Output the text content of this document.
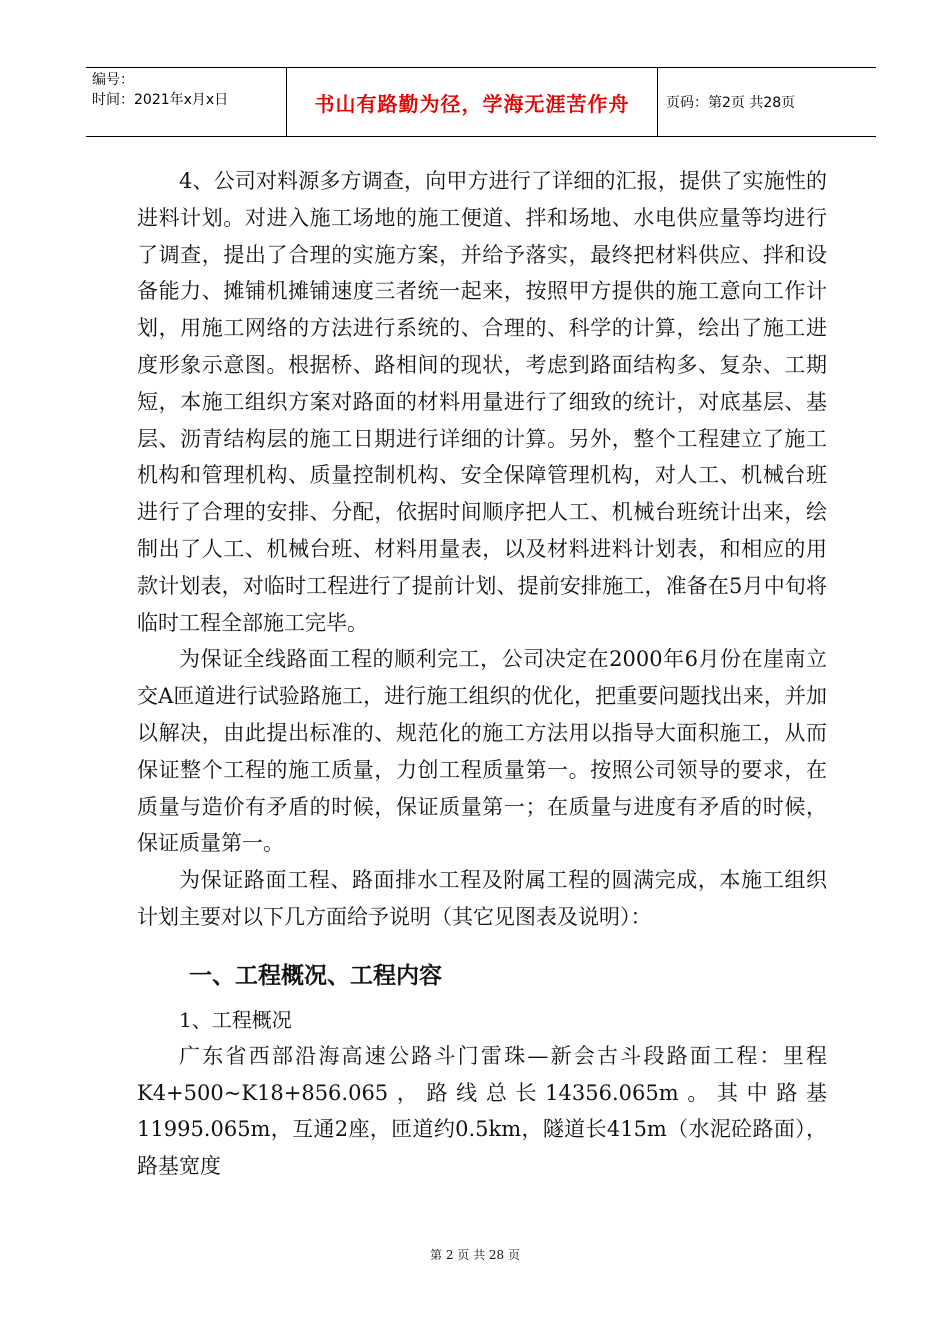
编号：
时间：2021年x月x日	书山有路勤为径，学海无涯苦作舟	页码：第2页 共28页

4、公司对料源多方调查，向甲方进行了详细的汇报，提供了实施性的进料计划。对进入施工场地的施工便道、拌和场地、水电供应量等均进行了调查，提出了合理的实施方案，并给予落实，最终把材料供应、拌和设备能力、摊铺机摊铺速度三者统一起来，按照甲方提供的施工意向工作计划，用施工网络的方法进行系统的、合理的、科学的计算，绘出了施工进度形象示意图。根据桥、路相间的现状，考虑到路面结构多、复杂、工期短，本施工组织方案对路面的材料用量进行了细致的统计，对底基层、基层、沥青结构层的施工日期进行详细的计算。另外，整个工程建立了施工机构和管理机构、质量控制机构、安全保障管理机构，对人工、机械台班进行了合理的安排、分配，依据时间顺序把人工、机械台班统计出来，绘制出了人工、机械台班、材料用量表，以及材料进料计划表，和相应的用款计划表，对临时工程进行了提前计划、提前安排施工，准备在5月中旬将临时工程全部施工完毕。

为保证全线路面工程的顺利完工，公司决定在2000年6月份在崖南立交A匝道进行试验路施工，进行施工组织的优化，把重要问题找出来，并加以解决，由此提出标准的、规范化的施工方法用以指导大面积施工，从而保证整个工程的施工质量，力创工程质量第一。按照公司领导的要求，在质量与造价有矛盾的时候，保证质量第一；在质量与进度有矛盾的时候，保证质量第一。

为保证路面工程、路面排水工程及附属工程的圆满完成，本施工组织计划主要对以下几方面给予说明（其它见图表及说明）：

一、工程概况、工程内容

1、工程概况

广东省西部沿海高速公路斗门雷珠—新会古斗段路面工程：里程K4+500~K18+856.065，路线总长14356.065m。其中路基11995.065m，互通2座，匝道约0.5km，隧道长415m（水泥砼路面），路基宽度

第 2 页 共 28 页
